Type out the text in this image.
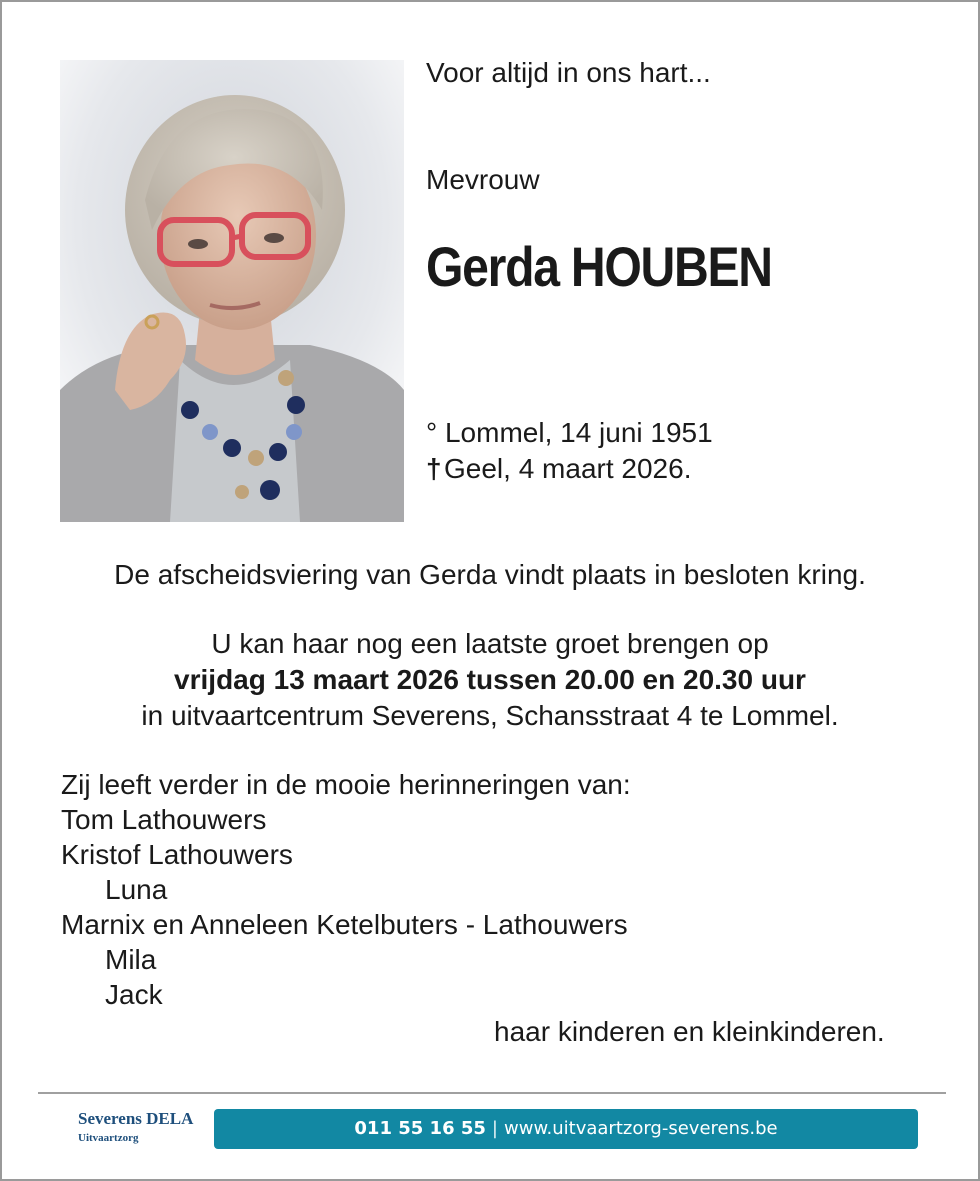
Voor altijd in ons hart...
Mevrouw
Gerda HOUBEN
° Lommel, 14 juni 1951
†Geel, 4 maart 2026.
De afscheidsviering van Gerda vindt plaats in besloten kring.
U kan haar nog een laatste groet brengen op
vrijdag 13 maart 2026 tussen 20.00 en 20.30 uur
in uitvaartcentrum Severens, Schansstraat 4 te Lommel.
Zij leeft verder in de mooie herinneringen van:
Tom Lathouwers
Kristof Lathouwers
Luna
Marnix en Anneleen Ketelbuters - Lathouwers
Mila
Jack
haar kinderen en kleinkinderen.
Severens DELA
Uitvaartzorg	011 55 16 55 | www.uitvaartzorg-severens.be
